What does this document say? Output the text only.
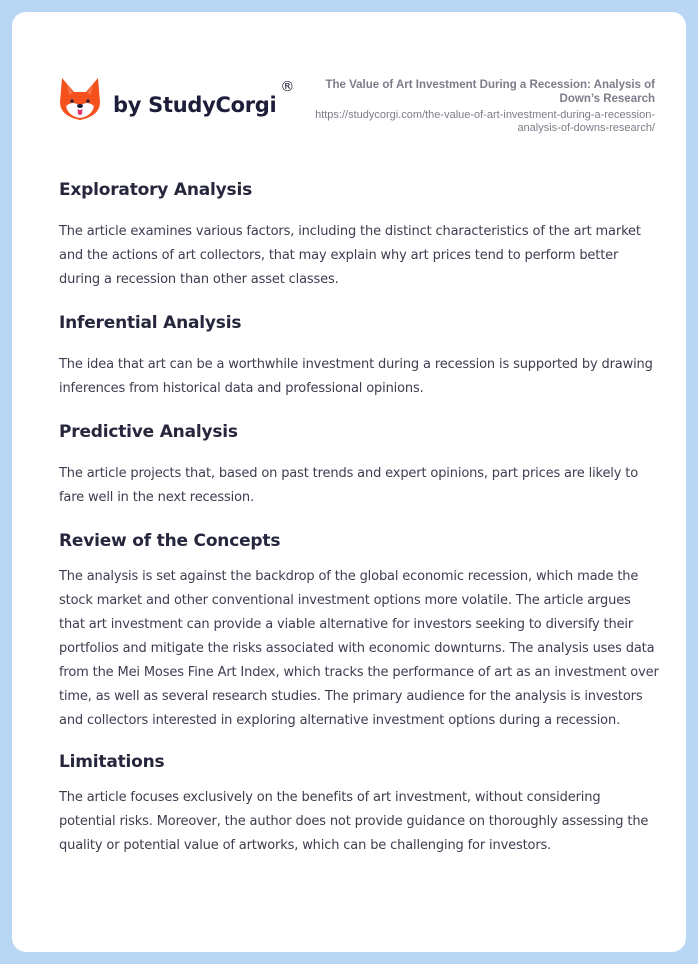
by StudyCorgi
®	The Value of Art Investment During a Recession: Analysis of Down’s Research
https://studycorgi.com/the-value-of-art-investment-during-a-recession-analysis-of-downs-research/
Exploratory Analysis

The article examines various factors, including the distinct characteristics of the art market and the actions of art collectors, that may explain why art prices tend to perform better during a recession than other asset classes.

Inferential Analysis

The idea that art can be a worthwhile investment during a recession is supported by drawing inferences from historical data and professional opinions.

Predictive Analysis

The article projects that, based on past trends and expert opinions, part prices are likely to fare well in the next recession.

Review of the Concepts

The analysis is set against the backdrop of the global economic recession, which made the stock market and other conventional investment options more volatile. The article argues that art investment can provide a viable alternative for investors seeking to diversify their portfolios and mitigate the risks associated with economic downturns. The analysis uses data from the Mei Moses Fine Art Index, which tracks the performance of art as an investment over time, as well as several research studies. The primary audience for the analysis is investors and collectors interested in exploring alternative investment options during a recession.

Limitations

The article focuses exclusively on the benefits of art investment, without considering potential risks. Moreover, the author does not provide guidance on thoroughly assessing the quality or potential value of artworks, which can be challenging for investors.
